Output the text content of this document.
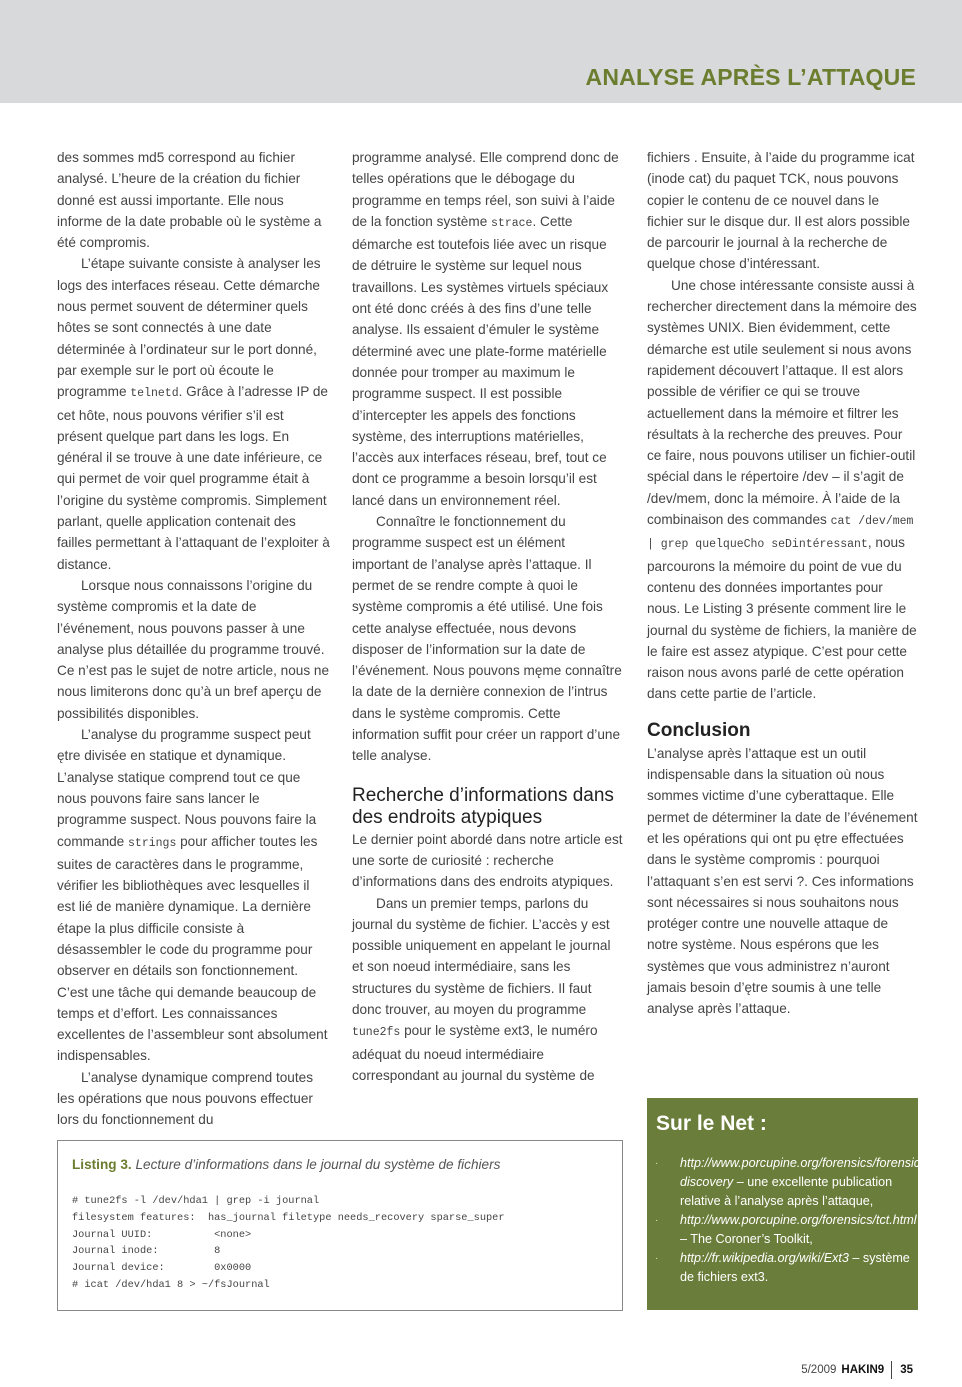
ANALYSE APRÈS L’ATTAQUE

des sommes md5 correspond au fichier analysé. L’heure de la création du fichier donné est aussi importante. Elle nous informe de la date probable où le système a été compromis.

L’étape suivante consiste à analyser les logs des interfaces réseau. Cette démarche nous permet souvent de déterminer quels hôtes se sont connectés à une date déterminée à l’ordinateur sur le port donné, par exemple sur le port où écoute le programme telnetd. Grâce à l’adresse IP de cet hôte, nous pouvons vérifier s’il est présent quelque part dans les logs. En général il se trouve à une date inférieure, ce qui permet de voir quel programme était à l’origine du système compromis. Simplement parlant, quelle application contenait des failles permettant à l’attaquant de l’exploiter à distance.

Lorsque nous connaissons l’origine du système compromis et la date de l’événement, nous pouvons passer à une analyse plus détaillée du programme trouvé. Ce n’est pas le sujet de notre article, nous ne nous limiterons donc qu’à un bref aperçu de possibilités disponibles.

L’analyse du programme suspect peut ętre divisée en statique et dynamique. L’analyse statique comprend tout ce que nous pouvons faire sans lancer le programme suspect. Nous pouvons faire la commande strings pour afficher toutes les suites de caractères dans le programme, vérifier les bibliothèques avec lesquelles il est lié de manière dynamique. La dernière étape la plus difficile consiste à désassembler le code du programme pour observer en détails son fonctionnement. C’est une tâche qui demande beaucoup de temps et d’effort. Les connaissances excellentes de l’assembleur sont absolument indispensables.

L’analyse dynamique comprend toutes les opérations que nous pouvons effectuer lors du fonctionnement du

programme analysé. Elle comprend donc de telles opérations que le débogage du programme en temps réel, son suivi à l’aide de la fonction système strace. Cette démarche est toutefois liée avec un risque de détruire le système sur lequel nous travaillons. Les systèmes virtuels spéciaux ont été donc créés à des fins d’une telle analyse. Ils essaient d’émuler le système déterminé avec une plate-forme matérielle donnée pour tromper au maximum le programme suspect. Il est possible d’intercepter les appels des fonctions système, des interruptions matérielles, l’accès aux interfaces réseau, bref, tout ce dont ce programme a besoin lorsqu’il est lancé dans un environnement réel.

Connaître le fonctionnement du programme suspect est un élément important de l’analyse après l’attaque. Il permet de se rendre compte à quoi le système compromis a été utilisé. Une fois cette analyse effectuée, nous devons disposer de l’information sur la date de l’événement. Nous pouvons męme connaître la date de la dernière connexion de l’intrus dans le système compromis. Cette information suffit pour créer un rapport d’une telle analyse.

Recherche d’informations dans des endroits atypiques

Le dernier point abordé dans notre article est une sorte de curiosité : recherche d’informations dans des endroits atypiques.

Dans un premier temps, parlons du journal du système de fichier. L’accès y est possible uniquement en appelant le journal et son noeud intermédiaire, sans les structures du système de fichiers. Il faut donc trouver, au moyen du programme tune2fs pour le système ext3, le numéro adéquat du noeud intermédiaire correspondant au journal du système de

fichiers . Ensuite, à l’aide du programme icat (inode cat) du paquet TCK, nous pouvons copier le contenu de ce nouvel dans le fichier sur le disque dur. Il est alors possible de parcourir le journal à la recherche de quelque chose d’intéressant.

Une chose intéressante consiste aussi à rechercher directement dans la mémoire des systèmes UNIX. Bien évidemment, cette démarche est utile seulement si nous avons rapidement découvert l’attaque. Il est alors possible de vérifier ce qui se trouve actuellement dans la mémoire et filtrer les résultats à la recherche des preuves. Pour ce faire, nous pouvons utiliser un fichier-outil spécial dans le répertoire /dev – il s’agit de /dev/mem, donc la mémoire. À l’aide de la combinaison des commandes cat /dev/mem | grep quelqueCho seDintéressant, nous parcourons la mémoire du point de vue du contenu des données importantes pour nous. Le Listing 3 présente comment lire le journal du système de fichiers, la manière de le faire est assez atypique. C’est pour cette raison nous avons parlé de cette opération dans cette partie de l’article.

Conclusion

L’analyse après l’attaque est un outil indispensable dans la situation où nous sommes victime d’une cyberattaque. Elle permet de déterminer la date de l’événement et les opérations qui ont pu ętre effectuées dans le système compromis : pourquoi l’attaquant s’en est servi ?. Ces informations sont nécessaires si nous souhaitons nous protéger contre une nouvelle attaque de notre système. Nous espérons que les systèmes que vous administrez n’auront jamais besoin d’ętre soumis à une telle analyse après l’attaque.

Listing 3. Lecture d’informations dans le journal du système de fichiers
# tune2fs -l /dev/hda1 | grep -i journal
filesystem features:  has_journal filetype needs_recovery sparse_super
Journal UUID:          <none>
Journal inode:         8
Journal device:        0x0000
# icat /dev/hda1 8 > ~/fsJournal
Sur le Net :
· http://www.porcupine.org/forensics/forensic-discovery – une excellente publication relative à l’analyse après l’attaque,
· http://www.porcupine.org/forensics/tct.html – The Coroner’s Toolkit,
· http://fr.wikipedia.org/wiki/Ext3 – système de fichiers ext3.
5/2009 HAKIN9 35
